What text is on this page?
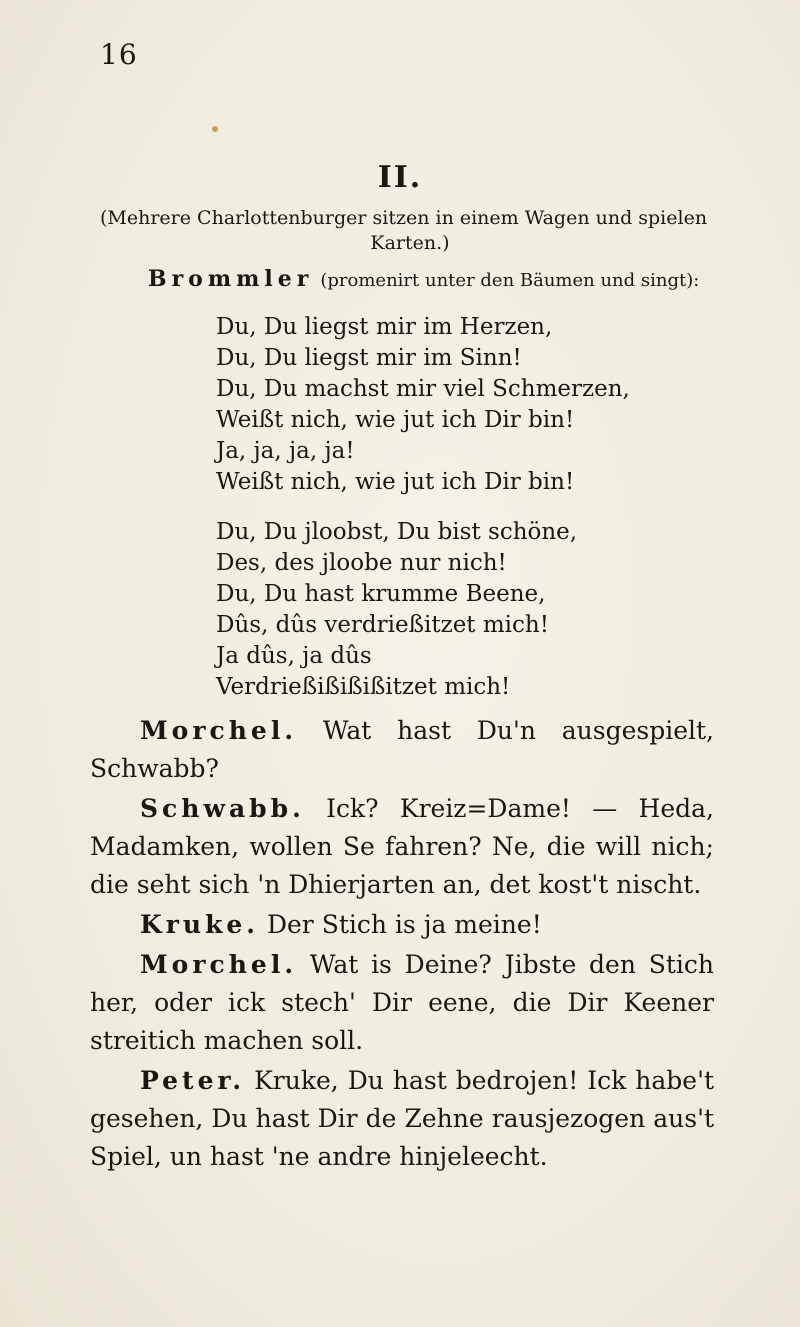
16
II.
(Mehrere Charlottenburger sitzen in einem Wagen und spielen
Karten.)
Brommler (promenirt unter den Bäumen und singt):
Du, Du liegst mir im Herzen,
Du, Du liegst mir im Sinn!
Du, Du machst mir viel Schmerzen,
Weißt nich, wie jut ich Dir bin!
Ja, ja, ja, ja!
Weißt nich, wie jut ich Dir bin!
Du, Du jloobst, Du bist schöne,
Des, des jloobe nur nich!
Du, Du hast krumme Beene,
Dûs, dûs verdrießitzet mich!
Ja dûs, ja dûs
Verdrießißißißitzet mich!

Morchel. Wat hast Du'n ausgespielt, Schwabb?

Schwabb. Ick? Kreiz=Dame! — Heda, Madamken, wollen Se fahren? Ne, die will nich; die seht sich 'n Dhierjarten an, det kost't nischt.

Kruke. Der Stich is ja meine!

Morchel. Wat is Deine? Jibste den Stich her, oder ick stech' Dir eene, die Dir Keener streitich machen soll.

Peter. Kruke, Du hast bedrojen! Ick habe't gesehen, Du hast Dir de Zehne rausjezogen aus't Spiel, un hast 'ne andre hinjeleecht.
